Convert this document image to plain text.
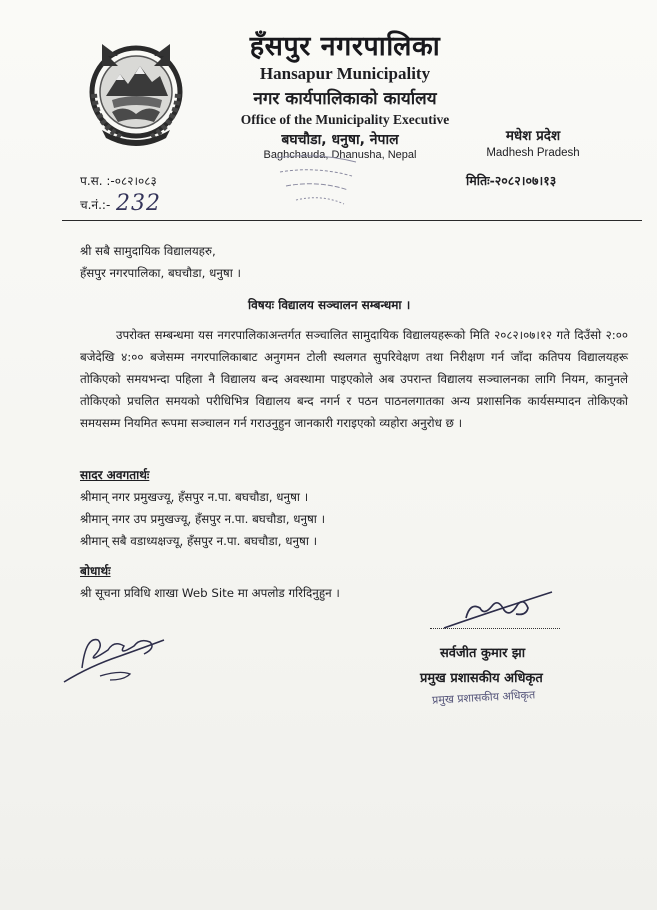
हँसपुर नगरपालिका
Hansapur Municipality
नगर कार्यपालिकाको कार्यालय
Office of the Municipality Executive
बघचौडा, धनुषा, नेपाल
Baghchauda, Dhanusha, Nepal
मधेश प्रदेश
Madhesh Pradesh
प.स. :-०८२।०८३
च.नं.:- 232
मितिः-२०८२।०७।१३
श्री सबै सामुदायिक विद्यालयहरु,
हँसपुर नगरपालिका, बघचौडा, धनुषा ।
विषयः विद्यालय सञ्चालन सम्बन्धमा ।
उपरोक्त सम्बन्धमा यस नगरपालिकाअन्तर्गत सञ्चालित सामुदायिक विद्यालयहरूको मिति २०८२।०७।१२ गते दिउँसो २:०० बजेदेखि ४:०० बजेसम्म नगरपालिकाबाट अनुगमन टोली स्थलगत सुपरिवेक्षण तथा निरीक्षण गर्न जाँदा कतिपय विद्यालयहरू तोकिएको समयभन्दा पहिला नै विद्यालय बन्द अवस्थामा पाइएकोले अब उपरान्त विद्यालय सञ्चालनका लागि नियम, कानुनले तोकिएको प्रचलित समयको परीधिभित्र विद्यालय बन्द नगर्न र पठन पाठनलगातका अन्य प्रशासनिक कार्यसम्पादन तोकिएको समयसम्म नियमित रूपमा सञ्चालन गर्न गराउनुहुन जानकारी गराइएको व्यहोरा अनुरोध छ ।
सादर अवगतार्थः
श्रीमान् नगर प्रमुखज्यू, हँसपुर न.पा. बघचौडा, धनुषा ।
श्रीमान् नगर उप प्रमुखज्यू, हँसपुर न.पा. बघचौडा, धनुषा ।
श्रीमान् सबै वडाध्यक्षज्यू, हँसपुर न.पा. बघचौडा, धनुषा ।
बोधार्थः
श्री सूचना प्रविधि शाखा Web Site मा अपलोड गरिदिनुहुन ।
सर्वजीत कुमार झा
प्रमुख प्रशासकीय अधिकृत
प्रमुख प्रशासकीय अधिकृत
